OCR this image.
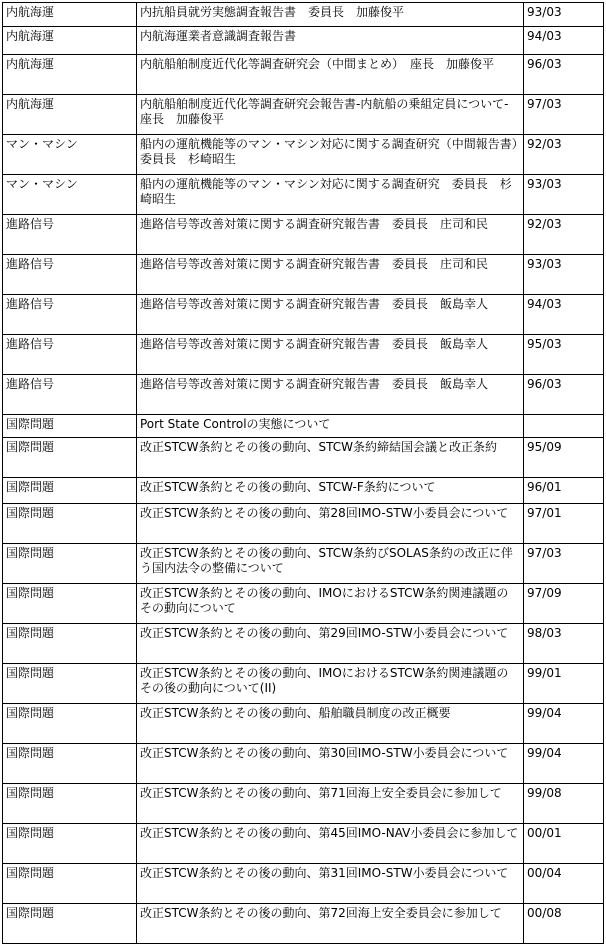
内航海運	内抗船員就労実態調査報告書　委員長　加藤俊平	93/03
内航海運	内航海運業者意識調査報告書	94/03
内航海運	内航船舶制度近代化等調査研究会（中間まとめ）　座長　加藤俊平	96/03
内航海運	内航船舶制度近代化等調査研究会報告書-内航船の乗組定員について-　座長　加藤俊平	97/03
マン・マシン	船内の運航機能等のマン・マシン対応に関する調査研究（中間報告書）　委員長　杉崎昭生	92/03
マン・マシン	船内の運航機能等のマン・マシン対応に関する調査研究　委員長　杉崎昭生	93/03
進路信号	進路信号等改善対策に関する調査研究報告書　委員長　庄司和民	92/03
進路信号	進路信号等改善対策に関する調査研究報告書　委員長　庄司和民	93/03
進路信号	進路信号等改善対策に関する調査研究報告書　委員長　飯島幸人	94/03
進路信号	進路信号等改善対策に関する調査研究報告書　委員長　飯島幸人	95/03
進路信号	進路信号等改善対策に関する調査研究報告書　委員長　飯島幸人	96/03
国際問題	Port State Controlの実態について	
国際問題	改正STCW条約とその後の動向、STCW条約締結国会議と改正条約	95/09
国際問題	改正STCW条約とその後の動向、STCW-F条約について	96/01
国際問題	改正STCW条約とその後の動向、第28回IMO-STW小委員会について	97/01
国際問題	改正STCW条約とその後の動向、STCW条約びSOLAS条約の改正に伴う国内法令の整備について	97/03
国際問題	改正STCW条約とその後の動向、IMOにおけるSTCW条約関連議題のその動向について	97/09
国際問題	改正STCW条約とその後の動向、第29回IMO-STW小委員会について	98/03
国際問題	改正STCW条約とその後の動向、IMOにおけるSTCW条約関連議題のその後の動向について(II)	99/01
国際問題	改正STCW条約とその後の動向、船舶職員制度の改正概要	99/04
国際問題	改正STCW条約とその後の動向、第30回IMO-STW小委員会について	99/04
国際問題	改正STCW条約とその後の動向、第71回海上安全委員会に参加して	99/08
国際問題	改正STCW条約とその後の動向、第45回IMO-NAV小委員会に参加して	00/01
国際問題	改正STCW条約とその後の動向、第31回IMO-STW小委員会について	00/04
国際問題	改正STCW条約とその後の動向、第72回海上安全委員会に参加して	00/08
